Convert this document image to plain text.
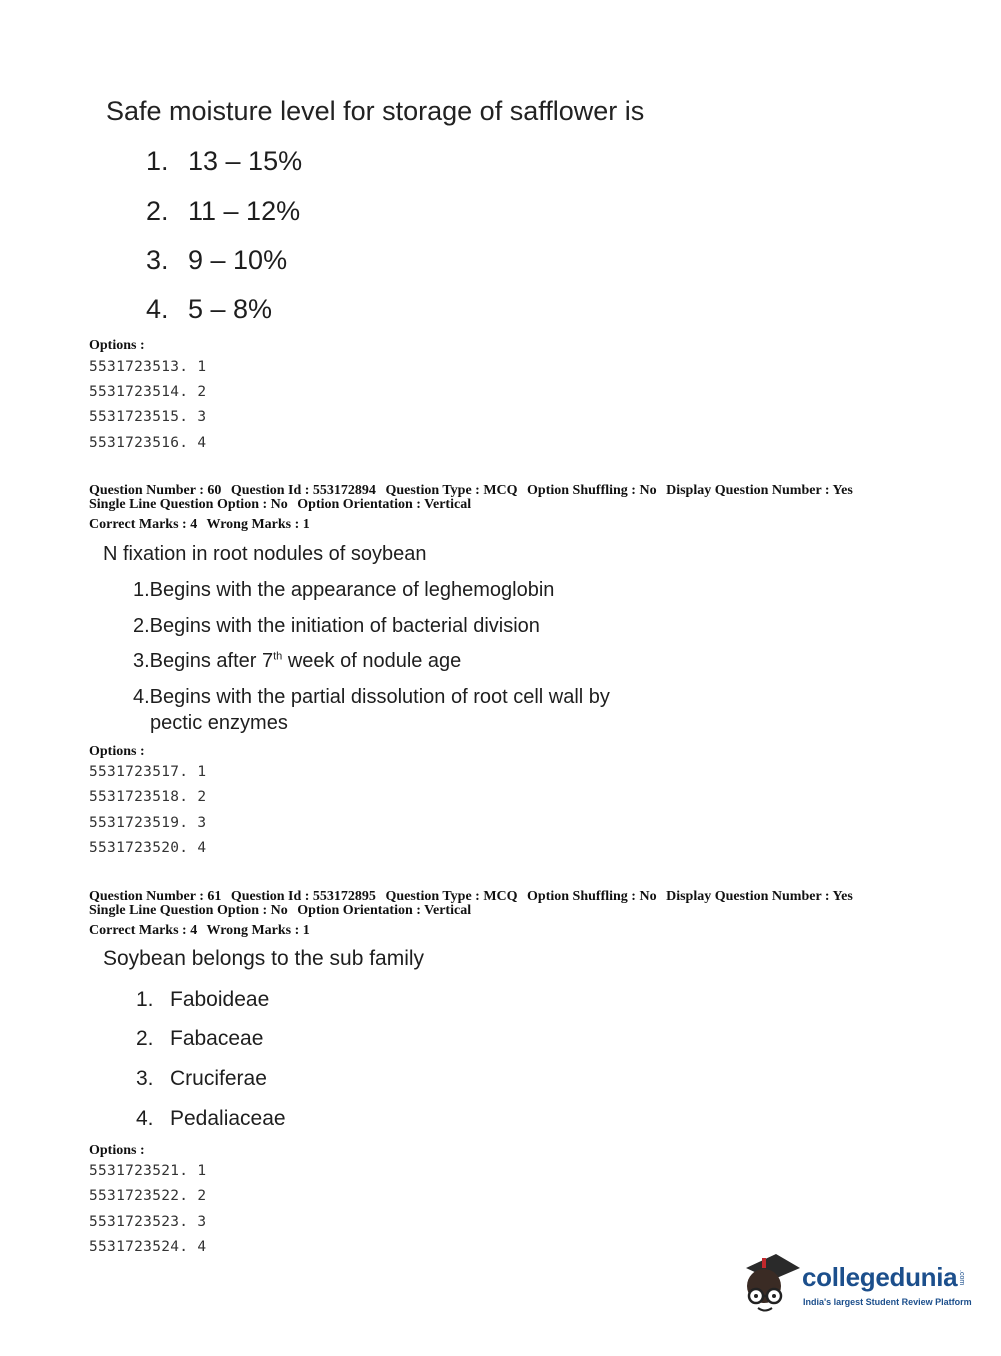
Safe moisture level for storage of safflower is
1. 13 – 15%
2. 11 – 12%
3. 9 – 10%
4. 5 – 8%
Options :
5531723513. 1
5531723514. 2
5531723515. 3
5531723516. 4
Question Number : 60 Question Id : 553172894 Question Type : MCQ Option Shuffling : No Display Question Number : Yes
Single Line Question Option : No Option Orientation : Vertical
Correct Marks : 4 Wrong Marks : 1
N fixation in root nodules of soybean
1.Begins with the appearance of leghemoglobin
2.Begins with the initiation of bacterial division
3.Begins after 7th week of nodule age
4.Begins with the partial dissolution of root cell wall by
pectic enzymes
Options :
5531723517. 1
5531723518. 2
5531723519. 3
5531723520. 4
Question Number : 61 Question Id : 553172895 Question Type : MCQ Option Shuffling : No Display Question Number : Yes
Single Line Question Option : No Option Orientation : Vertical
Correct Marks : 4 Wrong Marks : 1
Soybean belongs to the sub family
1. Faboideae
2. Fabaceae
3. Cruciferae
4. Pedaliaceae
Options :
5531723521. 1
5531723522. 2
5531723523. 3
5531723524. 4
collegedunia .com
India's largest Student Review Platform
